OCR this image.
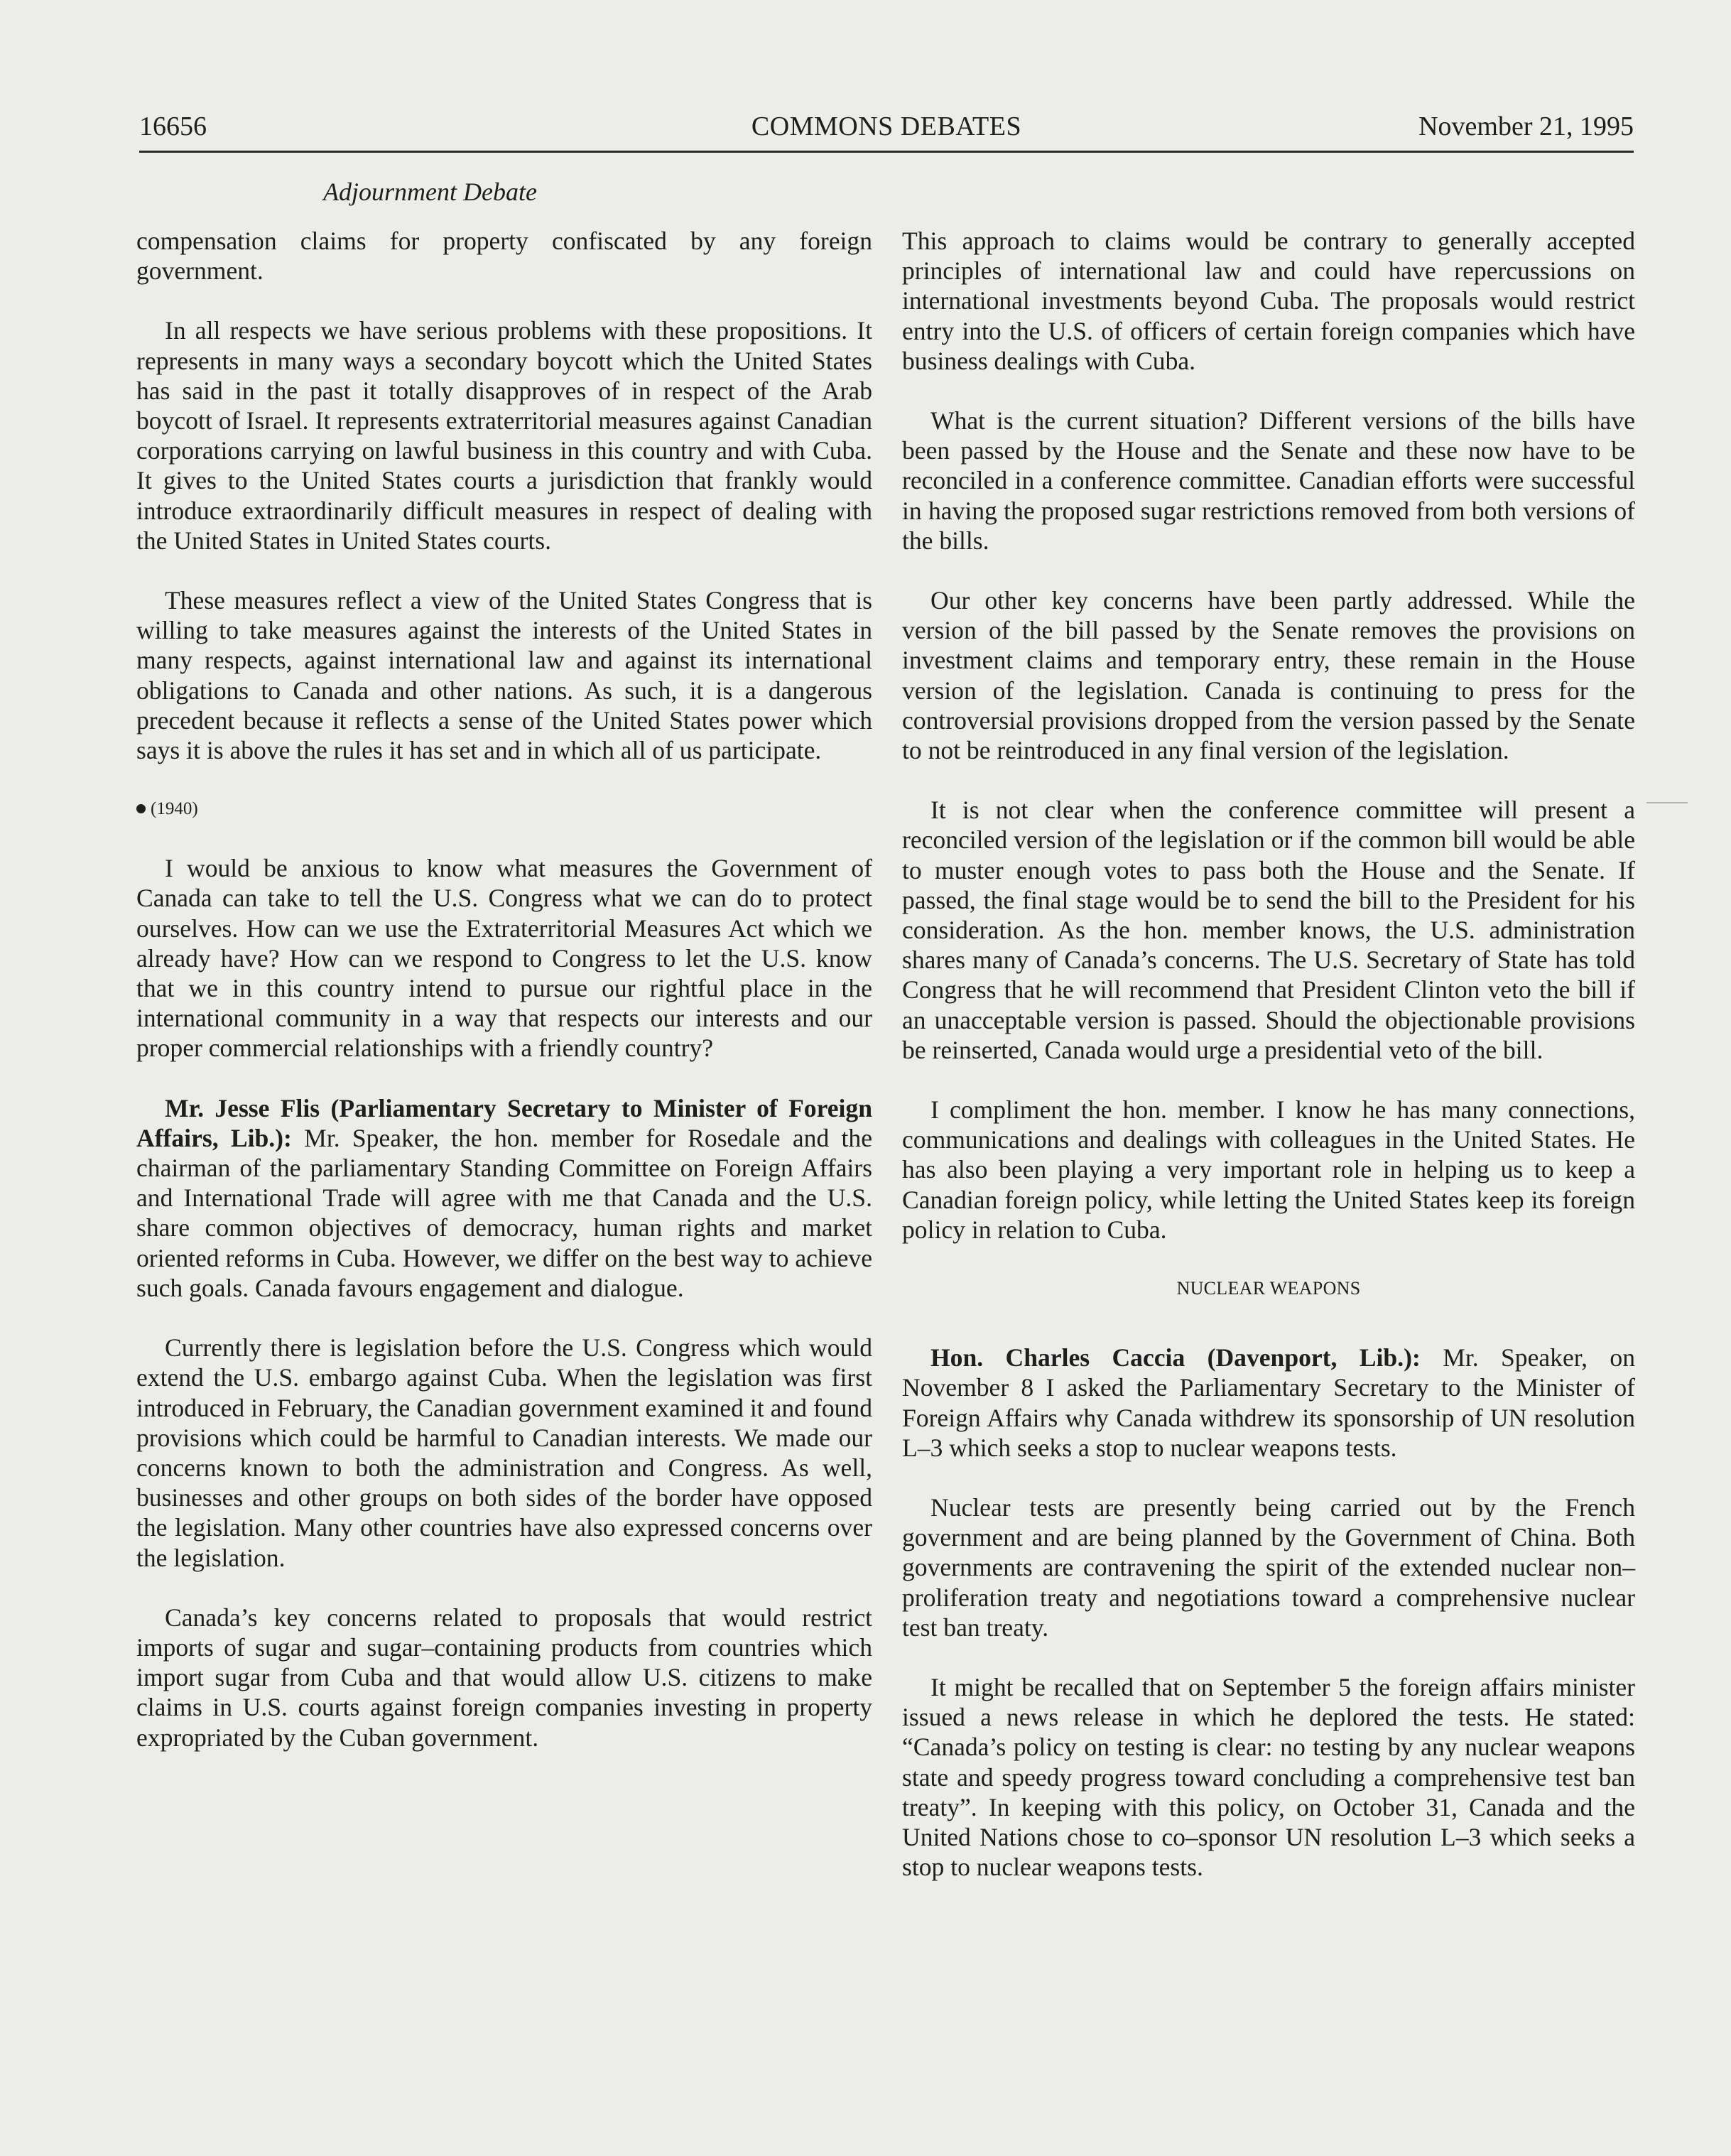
16656	COMMONS DEBATES	November 21, 1995
Adjournment Debate

compensation claims for property confiscated by any foreign government.

In all respects we have serious problems with these propositions. It represents in many ways a secondary boycott which the United States has said in the past it totally disapproves of in respect of the Arab boycott of Israel. It represents extraterritorial measures against Canadian corporations carrying on lawful business in this country and with Cuba. It gives to the United States courts a jurisdiction that frankly would introduce extraordinarily difficult measures in respect of dealing with the United States in United States courts.

These measures reflect a view of the United States Congress that is willing to take measures against the interests of the United States in many respects, against international law and against its international obligations to Canada and other nations. As such, it is a dangerous precedent because it reflects a sense of the United States power which says it is above the rules it has set and in which all of us participate.

(1940)

I would be anxious to know what measures the Government of Canada can take to tell the U.S. Congress what we can do to protect ourselves. How can we use the Extraterritorial Measures Act which we already have? How can we respond to Congress to let the U.S. know that we in this country intend to pursue our rightful place in the international community in a way that respects our interests and our proper commercial relationships with a friendly country?

Mr. Jesse Flis (Parliamentary Secretary to Minister of Foreign Affairs, Lib.): Mr. Speaker, the hon. member for Rosedale and the chairman of the parliamentary Standing Committee on Foreign Affairs and International Trade will agree with me that Canada and the U.S. share common objectives of democracy, human rights and market oriented reforms in Cuba. However, we differ on the best way to achieve such goals. Canada favours engagement and dialogue.

Currently there is legislation before the U.S. Congress which would extend the U.S. embargo against Cuba. When the legislation was first introduced in February, the Canadian government examined it and found provisions which could be harmful to Canadian interests. We made our concerns known to both the administration and Congress. As well, businesses and other groups on both sides of the border have opposed the legislation. Many other countries have also expressed concerns over the legislation.

Canada’s key concerns related to proposals that would restrict imports of sugar and sugar–containing products from countries which import sugar from Cuba and that would allow U.S. citizens to make claims in U.S. courts against foreign companies investing in property expropriated by the Cuban government.

This approach to claims would be contrary to generally accepted principles of international law and could have repercussions on international investments beyond Cuba. The proposals would restrict entry into the U.S. of officers of certain foreign companies which have business dealings with Cuba.

What is the current situation? Different versions of the bills have been passed by the House and the Senate and these now have to be reconciled in a conference committee. Canadian efforts were successful in having the proposed sugar restrictions removed from both versions of the bills.

Our other key concerns have been partly addressed. While the version of the bill passed by the Senate removes the provisions on investment claims and temporary entry, these remain in the House version of the legislation. Canada is continuing to press for the controversial provisions dropped from the version passed by the Senate to not be reintroduced in any final version of the legislation.

It is not clear when the conference committee will present a reconciled version of the legislation or if the common bill would be able to muster enough votes to pass both the House and the Senate. If passed, the final stage would be to send the bill to the President for his consideration. As the hon. member knows, the U.S. administration shares many of Canada’s concerns. The U.S. Secretary of State has told Congress that he will recommend that President Clinton veto the bill if an unacceptable version is passed. Should the objectionable provisions be reinserted, Canada would urge a presidential veto of the bill.

I compliment the hon. member. I know he has many connections, communications and dealings with colleagues in the United States. He has also been playing a very important role in helping us to keep a Canadian foreign policy, while letting the United States keep its foreign policy in relation to Cuba.

NUCLEAR WEAPONS

Hon. Charles Caccia (Davenport, Lib.): Mr. Speaker, on November 8 I asked the Parliamentary Secretary to the Minister of Foreign Affairs why Canada withdrew its sponsorship of UN resolution L–3 which seeks a stop to nuclear weapons tests.

Nuclear tests are presently being carried out by the French government and are being planned by the Government of China. Both governments are contravening the spirit of the extended nuclear non–proliferation treaty and negotiations toward a comprehensive nuclear test ban treaty.

It might be recalled that on September 5 the foreign affairs minister issued a news release in which he deplored the tests. He stated: “Canada’s policy on testing is clear: no testing by any nuclear weapons state and speedy progress toward concluding a comprehensive test ban treaty”. In keeping with this policy, on October 31, Canada and the United Nations chose to co–sponsor UN resolution L–3 which seeks a stop to nuclear weapons tests.
